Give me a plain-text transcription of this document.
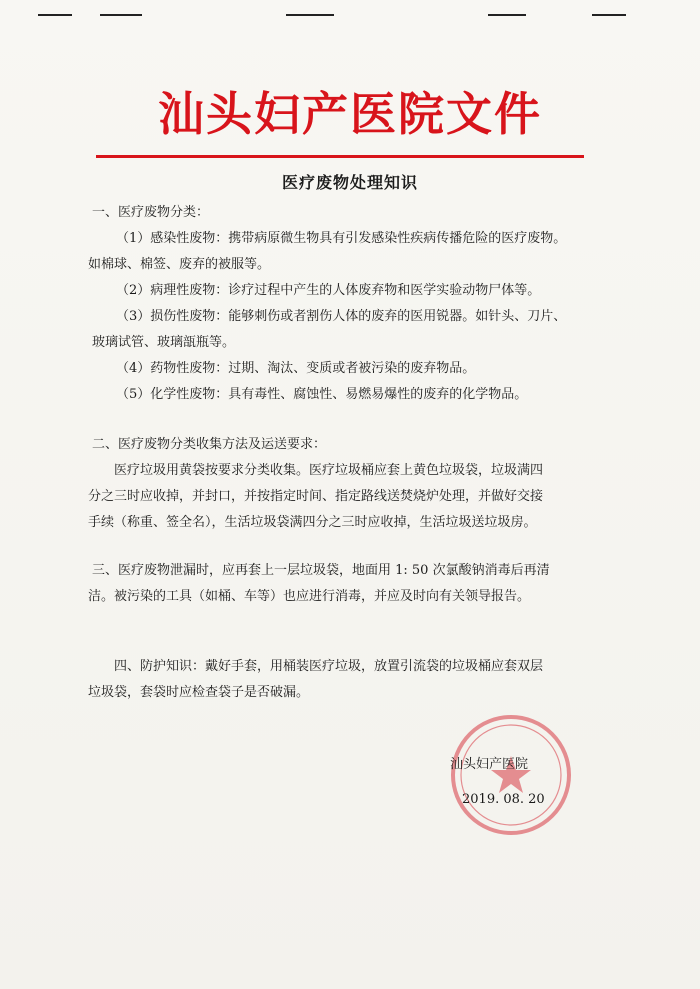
汕头妇产医院文件
医疗废物处理知识

一、医疗废物分类：

（1）感染性废物：携带病原微生物具有引发感染性疾病传播危险的医疗废物。

如棉球、棉签、废弃的被服等。

（2）病理性废物：诊疗过程中产生的人体废弃物和医学实验动物尸体等。

（3）损伤性废物：能够刺伤或者割伤人体的废弃的医用锐器。如针头、刀片、

玻璃试管、玻璃瓿瓶等。

（4）药物性废物：过期、淘汰、变质或者被污染的废弃物品。

（5）化学性废物：具有毒性、腐蚀性、易燃易爆性的废弃的化学物品。

二、医疗废物分类收集方法及运送要求：

医疗垃圾用黄袋按要求分类收集。医疗垃圾桶应套上黄色垃圾袋，垃圾满四

分之三时应收掉，并封口，并按指定时间、指定路线送焚烧炉处理，并做好交接

手续（称重、签全名），生活垃圾袋满四分之三时应收掉，生活垃圾送垃圾房。

三、医疗废物泄漏时，应再套上一层垃圾袋，地面用 1: 50 次氯酸钠消毒后再清

洁。被污染的工具（如桶、车等）也应进行消毒，并应及时向有关领导报告。

四、防护知识：戴好手套，用桶装医疗垃圾，放置引流袋的垃圾桶应套双层

垃圾袋，套袋时应检查袋子是否破漏。

汕头妇产医院
2019. 08. 20
